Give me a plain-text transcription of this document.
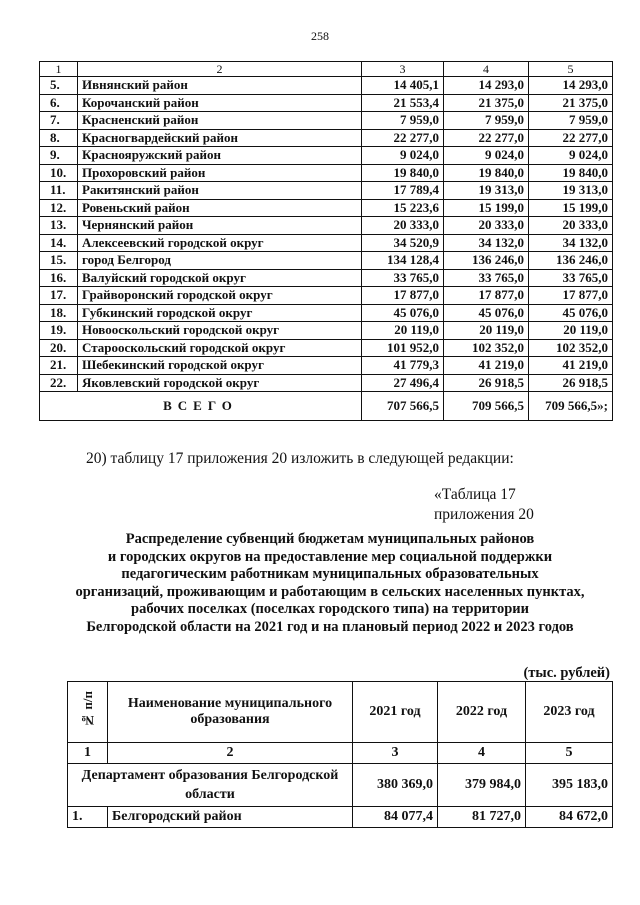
258
1	2	3	4	5
5.	Ивнянский район	14 405,1	14 293,0	14 293,0
6.	Корочанский район	21 553,4	21 375,0	21 375,0
7.	Красненский район	7 959,0	7 959,0	7 959,0
8.	Красногвардейский район	22 277,0	22 277,0	22 277,0
9.	Краснояружский район	9 024,0	9 024,0	9 024,0
10.	Прохоровский район	19 840,0	19 840,0	19 840,0
11.	Ракитянский район	17 789,4	19 313,0	19 313,0
12.	Ровеньский район	15 223,6	15 199,0	15 199,0
13.	Чернянский район	20 333,0	20 333,0	20 333,0
14.	Алексеевский городской округ	34 520,9	34 132,0	34 132,0
15.	город Белгород	134 128,4	136 246,0	136 246,0
16.	Валуйский городской округ	33 765,0	33 765,0	33 765,0
17.	Грайворонский городской округ	17 877,0	17 877,0	17 877,0
18.	Губкинский городской округ	45 076,0	45 076,0	45 076,0
19.	Новооскольский городской округ	20 119,0	20 119,0	20 119,0
20.	Старооскольский городской округ	101 952,0	102 352,0	102 352,0
21.	Шебекинский городской округ	41 779,3	41 219,0	41 219,0
22.	Яковлевский городской округ	27 496,4	26 918,5	26 918,5
ВСЕГО		707 566,5	709 566,5	709 566,5»;
20) таблицу 17 приложения 20 изложить в следующей редакции:
«Таблица 17
приложения 20
Распределение субвенций бюджетам муниципальных районов
и городских округов на предоставление мер социальной поддержки
педагогическим работникам муниципальных образовательных
организаций, проживающим и работающим в сельских населенных пунктах,
рабочих поселках (поселках городского типа) на территории
Белгородской области на 2021 год и на плановый период 2022 и 2023 годов
(тыс. рублей)
№ п/п	Наименование муниципального образования	2021 год	2022 год	2023 год
1	2	3	4	5
Департамент образования Белгородской области		380 369,0	379 984,0	395 183,0
1.	Белгородский район	84 077,4	81 727,0	84 672,0
